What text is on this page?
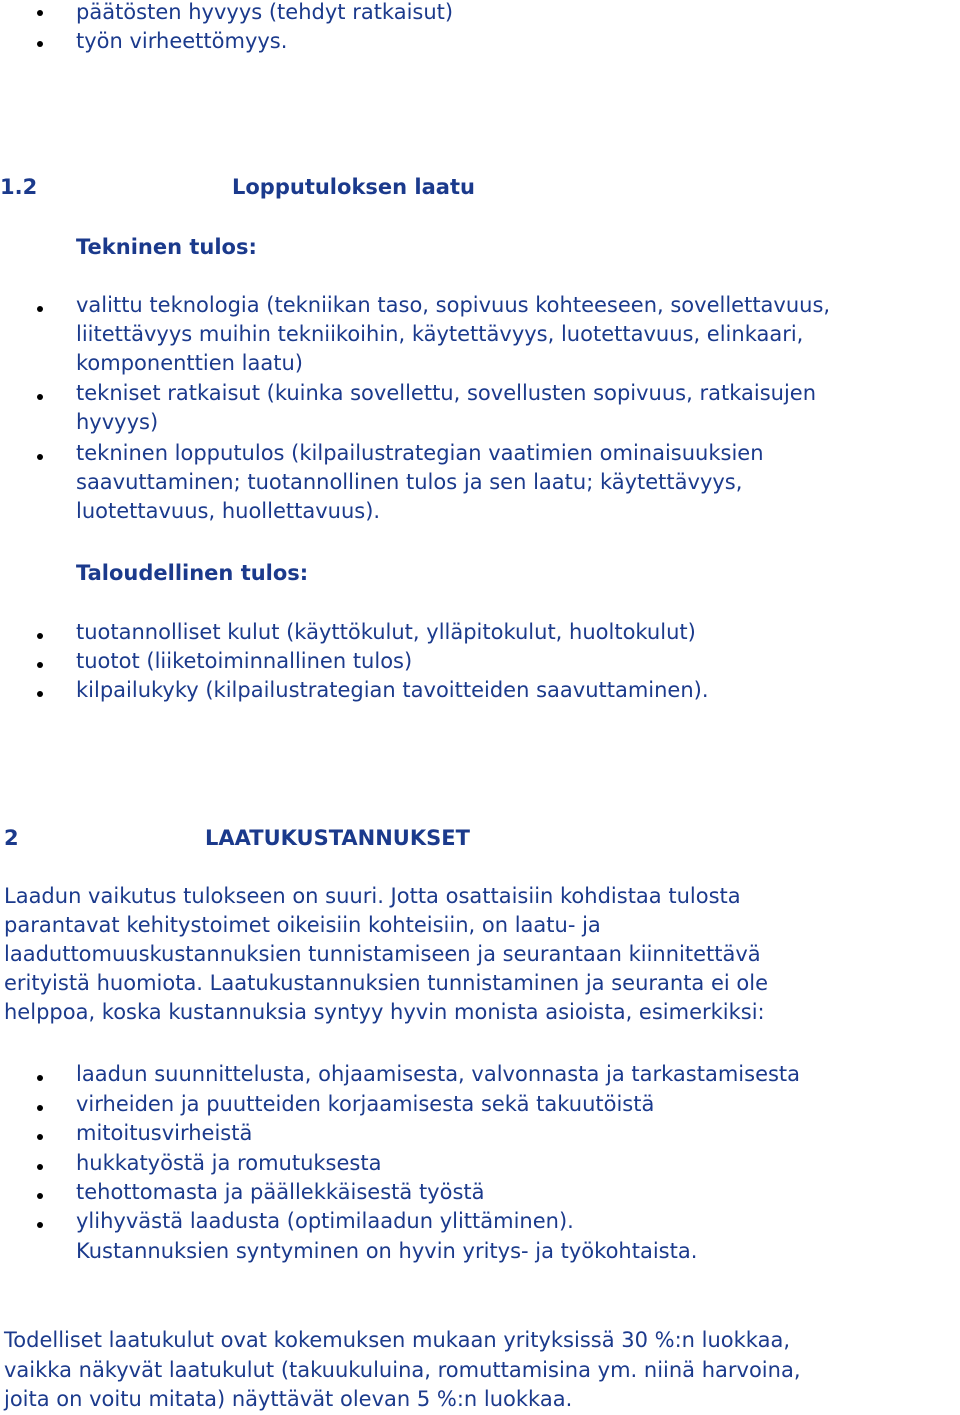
päätösten hyvyys (tehdyt ratkaisut)
työn virheettömyys.
1.2	Lopputuloksen laatu
Tekninen tulos:
valittu teknologia (tekniikan taso, sopivuus kohteeseen, sovellettavuus,
liitettävyys muihin tekniikoihin, käytettävyys, luotettavuus, elinkaari,
komponenttien laatu)
tekniset ratkaisut (kuinka sovellettu, sovellusten sopivuus, ratkaisujen
hyvyys)
tekninen lopputulos (kilpailustrategian vaatimien ominaisuuksien
saavuttaminen; tuotannollinen tulos ja sen laatu; käytettävyys,
luotettavuus, huollettavuus).
Taloudellinen tulos:
tuotannolliset kulut (käyttökulut, ylläpitokulut, huoltokulut)
tuotot (liiketoiminnallinen tulos)
kilpailukyky (kilpailustrategian tavoitteiden saavuttaminen).
2	LAATUKUSTANNUKSET
Laadun vaikutus tulokseen on suuri. Jotta osattaisiin kohdistaa tulosta
parantavat kehitystoimet oikeisiin kohteisiin, on laatu- ja
laaduttomuuskustannuksien tunnistamiseen ja seurantaan kiinnitettävä
erityistä huomiota. Laatukustannuksien tunnistaminen ja seuranta ei ole
helppoa, koska kustannuksia syntyy hyvin monista asioista, esimerkiksi:
laadun suunnittelusta, ohjaamisesta, valvonnasta ja tarkastamisesta
virheiden ja puutteiden korjaamisesta sekä takuutöistä
mitoitusvirheistä
hukkatyöstä ja romutuksesta
tehottomasta ja päällekkäisestä työstä
ylihyvästä laadusta (optimilaadun ylittäminen).
Kustannuksien syntyminen on hyvin yritys- ja työkohtaista.
Todelliset laatukulut ovat kokemuksen mukaan yrityksissä 30 %:n luokkaa,
vaikka näkyvät laatukulut (takuukuluina, romuttamisina ym. niinä harvoina,
joita on voitu mitata) näyttävät olevan 5 %:n luokkaa.
